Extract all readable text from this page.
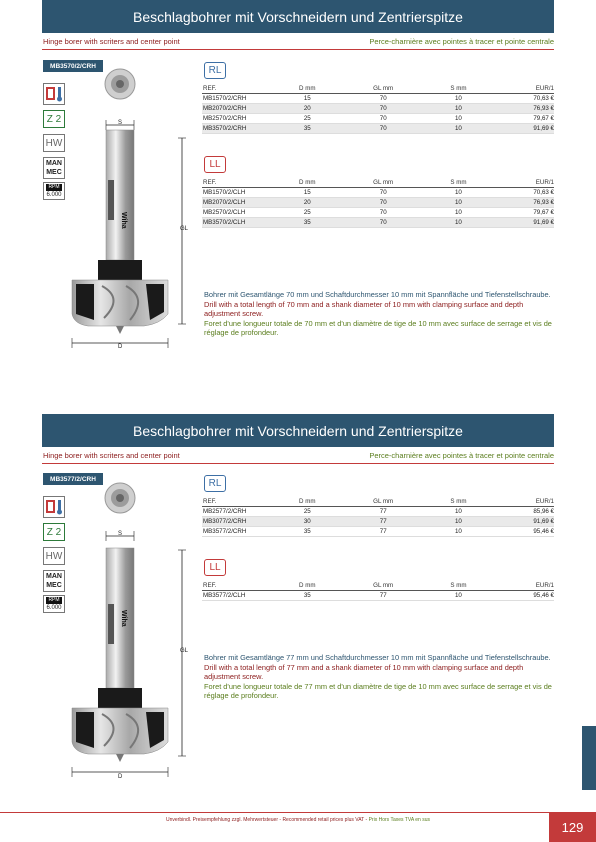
Beschlagbohrer mit Vorschneidern und Zentrierspitze
Hinge borer with scriters and center point	Perce-charnière avec pointes à tracer et pointe centrale
MB3570/2/CRH
Z 2
HW
MAN
MEC
RPM
6.000
S
Wiha
GL
D
RL
REF.	D mm	GL mm	S mm	EUR/1
MB1570/2/CRH	15	70	10	70,63 €
MB2070/2/CRH	20	70	10	76,93 €
MB2570/2/CRH	25	70	10	79,67 €
MB3570/2/CRH	35	70	10	91,69 €
LL
REF.	D mm	GL mm	S mm	EUR/1
MB1570/2/CLH	15	70	10	70,63 €
MB2070/2/CLH	20	70	10	76,93 €
MB2570/2/CLH	25	70	10	79,67 €
MB3570/2/CLH	35	70	10	91,69 €
Bohrer mit Gesamtlänge 70 mm und Schaftdurchmesser 10 mm mit Spannfläche und Tiefenstellschraube.
Drill with a total length of 70 mm and a shank diameter of 10 mm with clamping surface and depth adjustment screw.
Foret d'une longueur totale de 70 mm et d'un diamètre de tige de 10 mm avec surface de serrage et vis de réglage de profondeur.
Beschlagbohrer mit Vorschneidern und Zentrierspitze
Hinge borer with scriters and center point	Perce-charnière avec pointes à tracer et pointe centrale
MB3577/2/CRH
Z 2
HW
MAN
MEC
RPM
6.000
S
Wiha
GL
D
RL
REF.	D mm	GL mm	S mm	EUR/1
MB2577/2/CRH	25	77	10	85,96 €
MB3077/2/CRH	30	77	10	91,69 €
MB3577/2/CRH	35	77	10	95,46 €
LL
REF.	D mm	GL mm	S mm	EUR/1
MB3577/2/CLH	35	77	10	95,46 €
Bohrer mit Gesamtlänge 77 mm und Schaftdurchmesser 10 mm mit Spannfläche und Tiefenstellschraube.
Drill with a total length of 77 mm and a shank diameter of 10 mm with clamping surface and depth adjustment screw.
Foret d'une longueur totale de 77 mm et d'un diamètre de tige de 10 mm avec surface de serrage et vis de réglage de profondeur.
Unverbindl. Preisempfehlung zzgl. Mehrwertsteuer - Recommended retail prices plus VAT - Prix Hors Taxes TVA en sus	129
